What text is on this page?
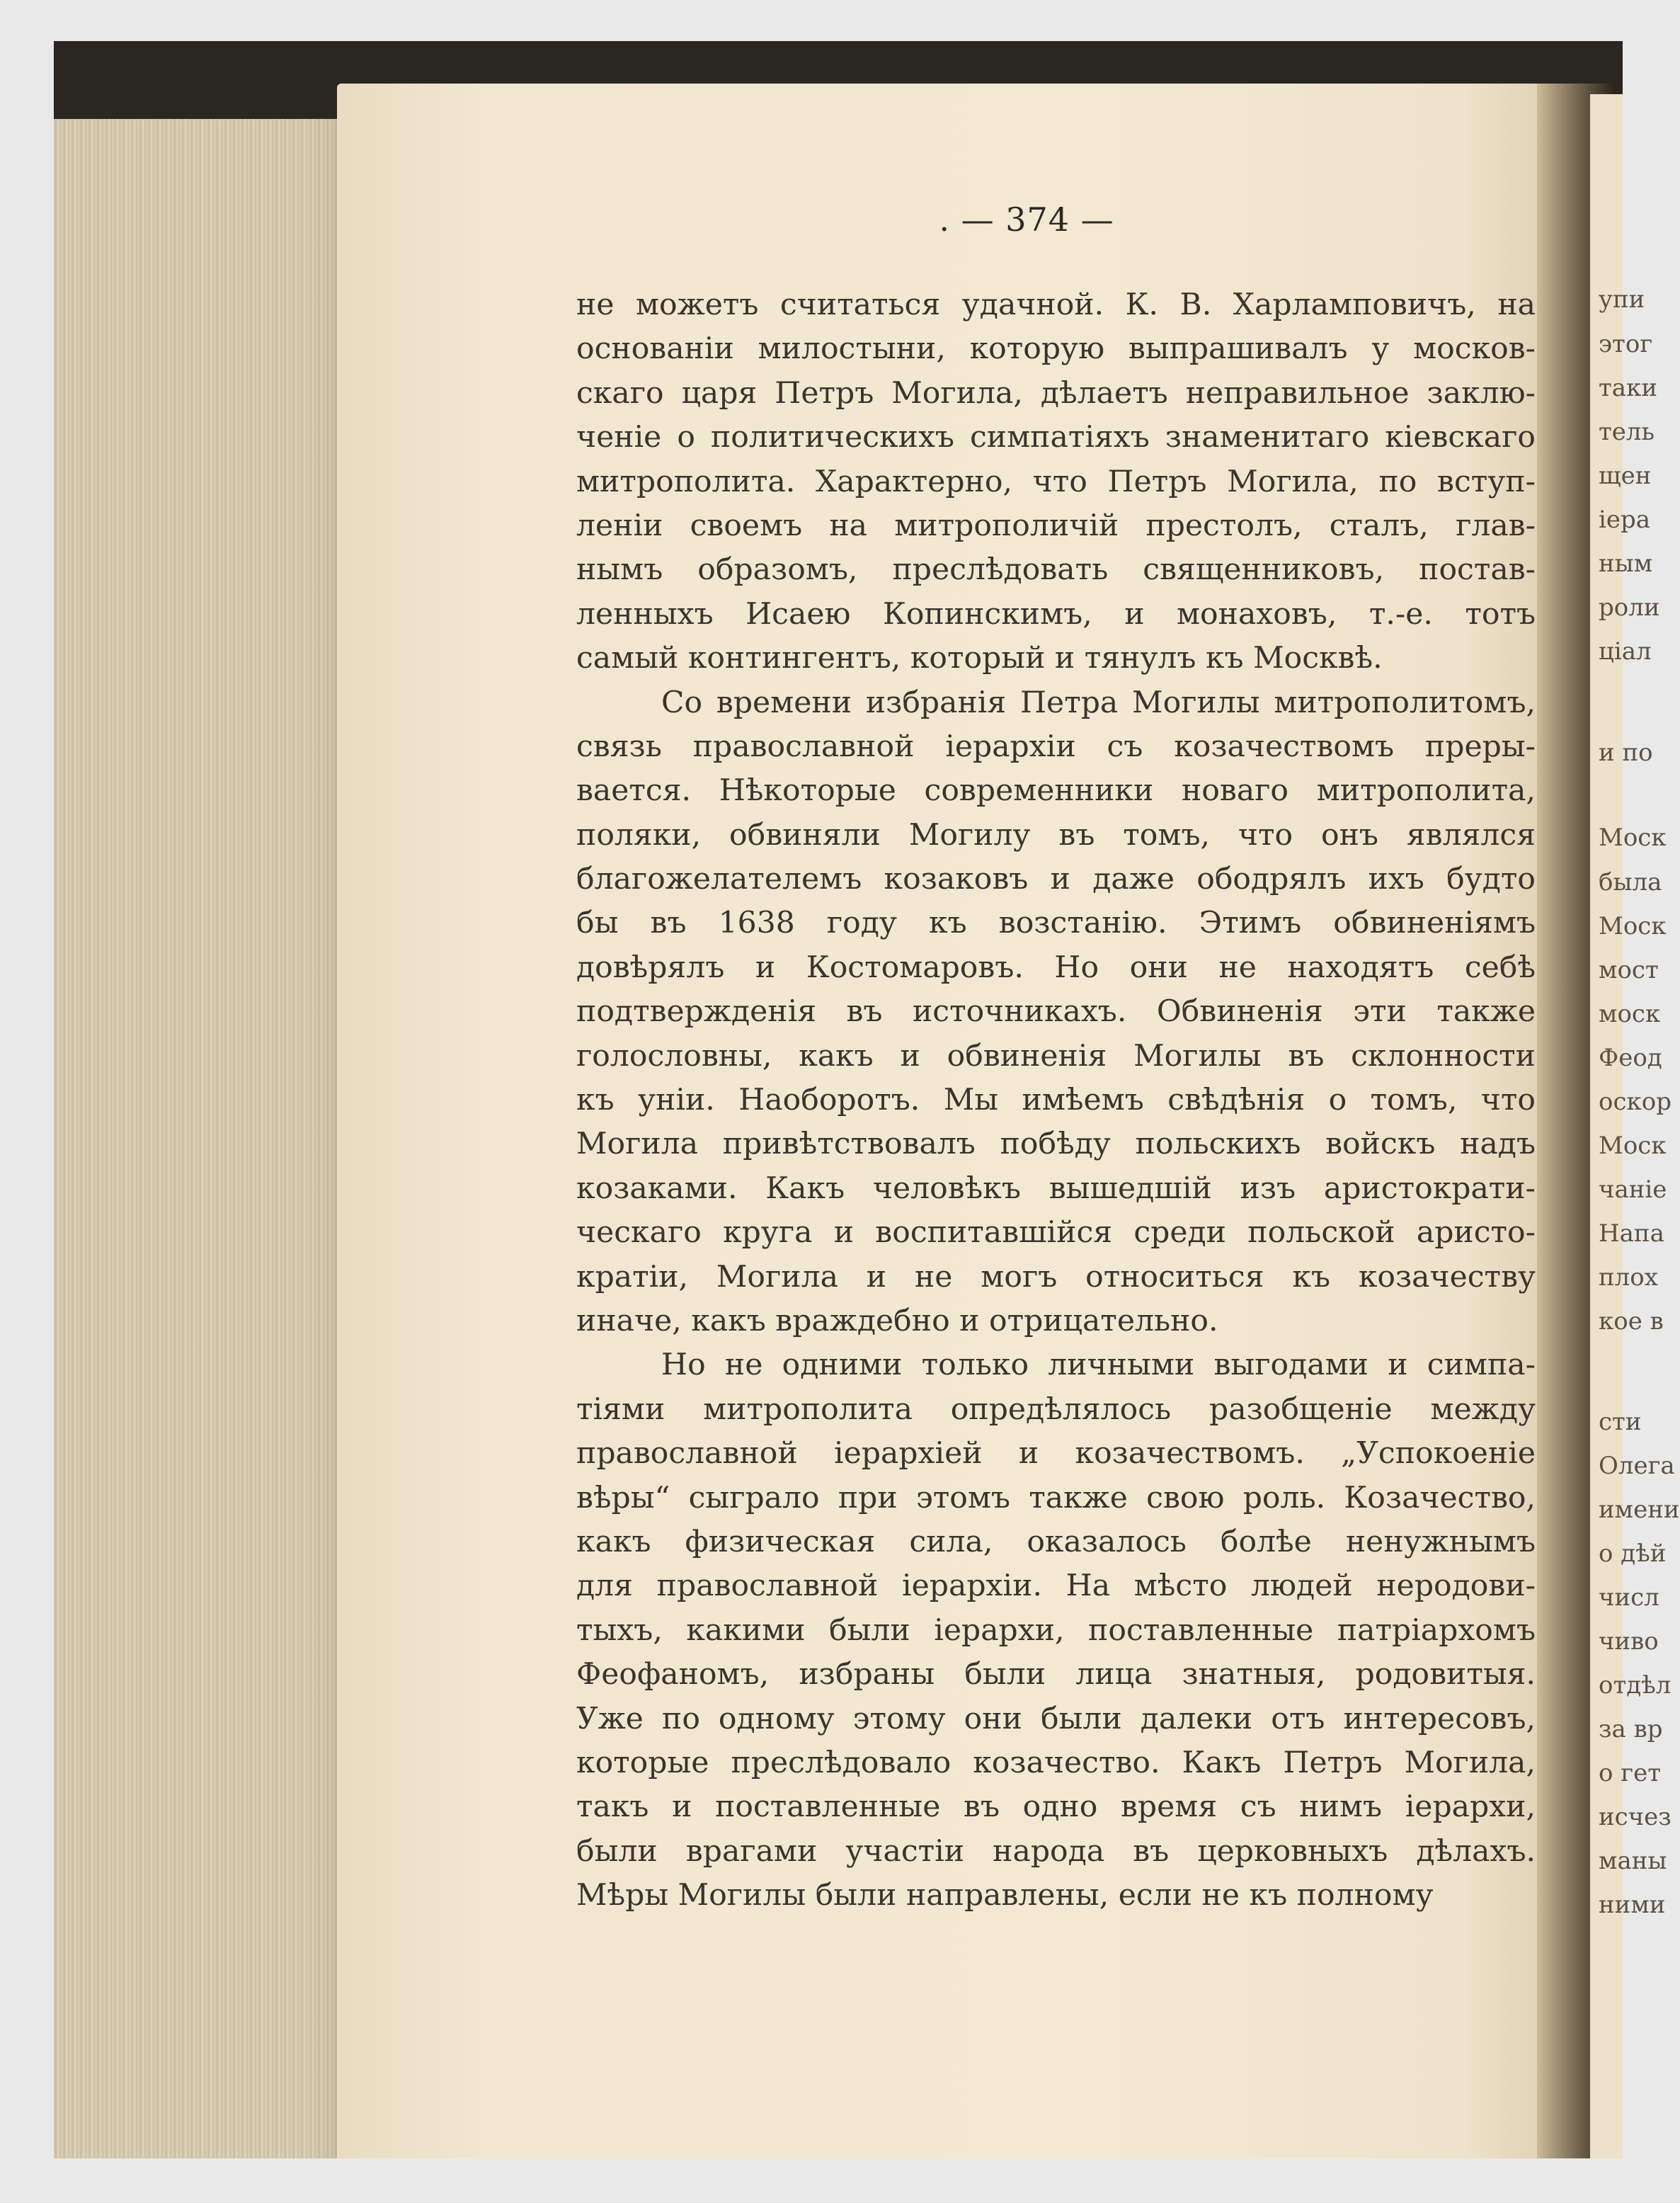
упи
этог
таки
тель
щен
іера
ным
роли
ціал
и по
Моск
была
Моск
мост
моск
Феод
оскор
Моск
чаніе
Напа
плох
кое в
сти
Олега
имени
о дѣй
числ
чиво
отдѣл
за вр
о гет
исчез
маны
ними
. — 374 —
не можетъ считаться удачной. К. В. Харламповичъ, на
основаніи милостыни, которую выпрашивалъ у москов-
скаго царя Петръ Могила, дѣлаетъ неправильное заклю-
ченіе о политическихъ симпатіяхъ знаменитаго кіевскаго
митрополита. Характерно, что Петръ Могила, по вступ-
леніи своемъ на митрополичій престолъ, сталъ, глав-
нымъ образомъ, преслѣдовать священниковъ, постав-
ленныхъ Исаею Копинскимъ, и монаховъ, т.-е. тотъ
самый контингентъ, который и тянулъ къ Москвѣ.
Со времени избранія Петра Могилы митрополитомъ,
связь православной іерархіи съ козачествомъ преры-
вается. Нѣкоторые современники новаго митрополита,
поляки, обвиняли Могилу въ томъ, что онъ являлся
благожелателемъ козаковъ и даже ободрялъ ихъ будто
бы въ 1638 году къ возстанію. Этимъ обвиненіямъ
довѣрялъ и Костомаровъ. Но они не находятъ себѣ
подтвержденія въ источникахъ. Обвиненія эти также
голословны, какъ и обвиненія Могилы въ склонности
къ уніи. Наоборотъ. Мы имѣемъ свѣдѣнія о томъ, что
Могила привѣтствовалъ побѣду польскихъ войскъ надъ
козаками. Какъ человѣкъ вышедшій изъ аристократи-
ческаго круга и воспитавшійся среди польской аристо-
кратіи, Могила и не могъ относиться къ козачеству
иначе, какъ враждебно и отрицательно.
Но не одними только личными выгодами и симпа-
тіями митрополита опредѣлялось разобщеніе между
православной іерархіей и козачествомъ. „Успокоеніе
вѣры“ сыграло при этомъ также свою роль. Козачество,
какъ физическая сила, оказалось болѣе ненужнымъ
для православной іерархіи. На мѣсто людей неродови-
тыхъ, какими были іерархи, поставленные патріархомъ
Феофаномъ, избраны были лица знатныя, родовитыя.
Уже по одному этому они были далеки отъ интересовъ,
которые преслѣдовало козачество. Какъ Петръ Могила,
такъ и поставленные въ одно время съ нимъ іерархи,
были врагами участіи народа въ церковныхъ дѣлахъ.
Мѣры Могилы были направлены, если не къ полному
